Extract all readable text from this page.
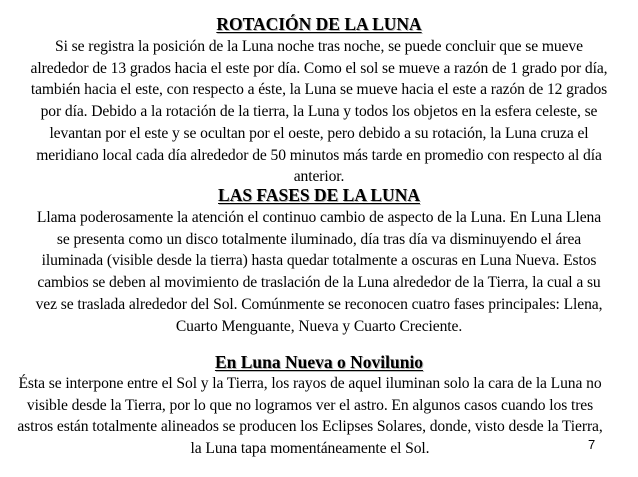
ROTACIÓN DE LA LUNA
Si se registra la posición de la Luna noche tras noche, se puede concluir que se mueve alrededor de 13 grados hacia el este por día. Como el sol se mueve a razón de 1 grado por día, también hacia el este, con respecto a éste, la Luna se mueve hacia el este a razón de 12 grados por día. Debido a la rotación de la tierra, la Luna y todos los objetos en la esfera celeste, se levantan por el este y se ocultan por el oeste, pero debido a su rotación, la Luna cruza el meridiano local cada día alrededor de 50 minutos más tarde en promedio con respecto al día anterior.
LAS FASES DE LA LUNA
Llama poderosamente la atención el continuo cambio de aspecto de la Luna. En Luna Llena se presenta como un disco totalmente iluminado, día tras día va disminuyendo el área iluminada (visible desde la tierra) hasta quedar totalmente a oscuras en Luna Nueva. Estos cambios se deben al movimiento de traslación de la Luna alrededor de la Tierra, la cual a su vez se traslada alrededor del Sol. Comúnmente se reconocen cuatro fases principales: Llena, Cuarto Menguante, Nueva y Cuarto Creciente.
En Luna Nueva o Novilunio
Ésta se interpone entre el Sol y la Tierra, los rayos de aquel iluminan solo la cara de la Luna no visible desde la Tierra, por lo que no logramos ver el astro. En algunos casos cuando los tres astros están totalmente alineados se producen los Eclipses Solares, donde, visto desde la Tierra, la Luna tapa momentáneamente el Sol.	7
